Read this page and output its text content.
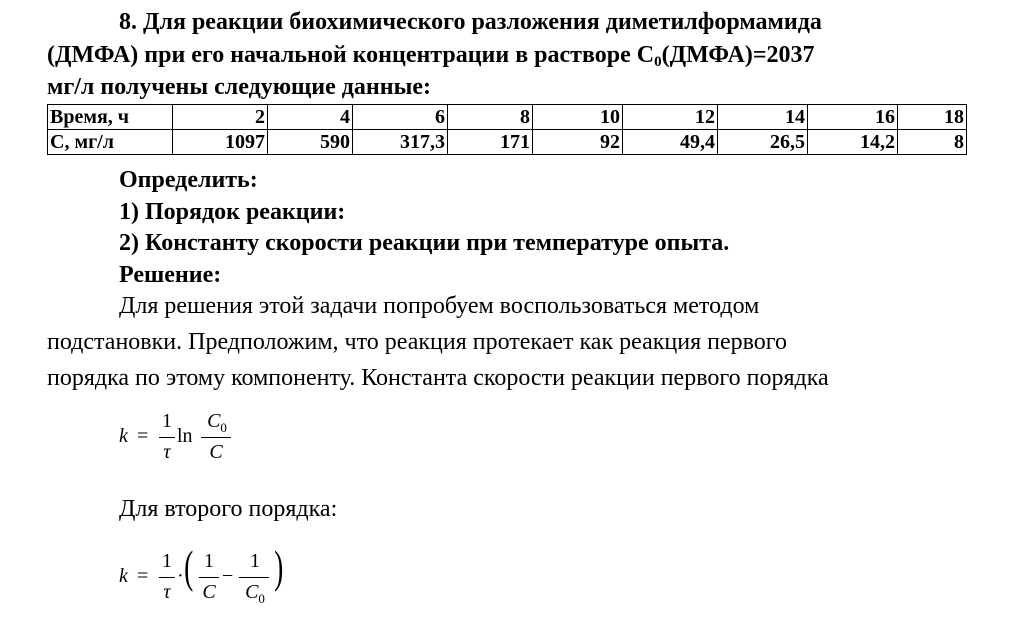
8. Для реакции биохимического разложения диметилформамида
(ДМФА) при его начальной концентрации в растворе С0(ДМФА)=2037
мг/л получены следующие данные:
Время, ч	2	4	6	8	10	12	14	16	18
С, мг/л	1097	590	317,3	171	92	49,4	26,5	14,2	8
Определить:
1) Порядок реакции:
2) Константу скорости реакции при температуре опыта.
Решение:
Для решения этой задачи попробуем воспользоваться методом
подстановки. Предположим, что реакция протекает как реакция первого
порядка по этому компоненту. Константа скорости реакции первого порядка
k =
1
τ
ln
$C_0$
C
Для второго порядка:
k =
1
τ
· ( 1
C
−
1
$C_0$
)
